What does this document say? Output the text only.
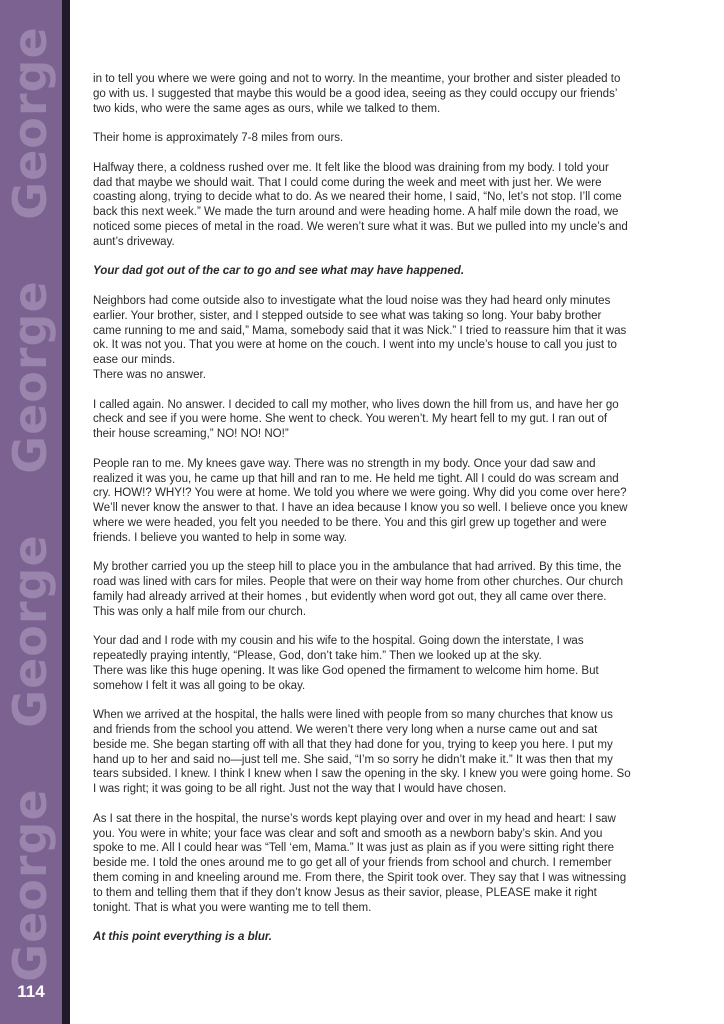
George
George
George
George
114

in to tell you where we were going and not to worry. In the meantime, your brother and sister pleaded to go with us. I suggested that maybe this would be a good idea, seeing as they could occupy our friends’ two kids, who were the same ages as ours, while we talked to them.

Their home is approximately 7-8 miles from ours.

Halfway there, a coldness rushed over me. It felt like the blood was draining from my body. I told your dad that maybe we should wait. That I could come during the week and meet with just her. We were coasting along, trying to decide what to do. As we neared their home, I said, “No, let’s not stop. I’ll come back this next week.” We made the turn around and were heading home. A half mile down the road, we noticed some pieces of metal in the road. We weren’t sure what it was. But we pulled into my uncle’s and aunt’s driveway.

Your dad got out of the car to go and see what may have happened.

Neighbors had come outside also to investigate what the loud noise was they had heard only minutes earlier. Your brother, sister, and I stepped outside to see what was taking so long. Your baby brother came running to me and said,” Mama, somebody said that it was Nick.” I tried to reassure him that it was ok. It was not you. That you were at home on the couch. I went into my uncle’s house to call you just to ease our minds.
There was no answer.

I called again. No answer. I decided to call my mother, who lives down the hill from us, and have her go check and see if you were home. She went to check. You weren’t. My heart fell to my gut. I ran out of their house screaming,” NO! NO! NO!”

People ran to me. My knees gave way. There was no strength in my body. Once your dad saw and realized it was you, he came up that hill and ran to me. He held me tight. All I could do was scream and cry. HOW!? WHY!? You were at home. We told you where we were going. Why did you come over here? We’ll never know the answer to that. I have an idea because I know you so well. I believe once you knew where we were headed, you felt you needed to be there. You and this girl grew up together and were friends. I believe you wanted to help in some way.

My brother carried you up the steep hill to place you in the ambulance that had arrived. By this time, the road was lined with cars for miles. People that were on their way home from other churches. Our church family had already arrived at their homes , but evidently when word got out, they all came over there. This was only a half mile from our church.

Your dad and I rode with my cousin and his wife to the hospital. Going down the interstate, I was repeatedly praying intently, “Please, God, don’t take him.” Then we looked up at the sky.
There was like this huge opening. It was like God opened the firmament to welcome him home. But somehow I felt it was all going to be okay.

When we arrived at the hospital, the halls were lined with people from so many churches that know us and friends from the school you attend. We weren’t there very long when a nurse came out and sat beside me. She began starting off with all that they had done for you, trying to keep you here. I put my hand up to her and said no—just tell me. She said, “I’m so sorry he didn’t make it.” It was then that my tears subsided. I knew. I think I knew when I saw the opening in the sky. I knew you were going home. So I was right; it was going to be all right. Just not the way that I would have chosen.

As I sat there in the hospital, the nurse’s words kept playing over and over in my head and heart: I saw you. You were in white; your face was clear and soft and smooth as a newborn baby’s skin. And you spoke to me. All I could hear was “Tell ‘em, Mama.” It was just as plain as if you were sitting right there beside me. I told the ones around me to go get all of your friends from school and church. I remember them coming in and kneeling around me. From there, the Spirit took over. They say that I was witnessing to them and telling them that if they don’t know Jesus as their savior, please, PLEASE make it right tonight. That is what you were wanting me to tell them.

At this point everything is a blur.
